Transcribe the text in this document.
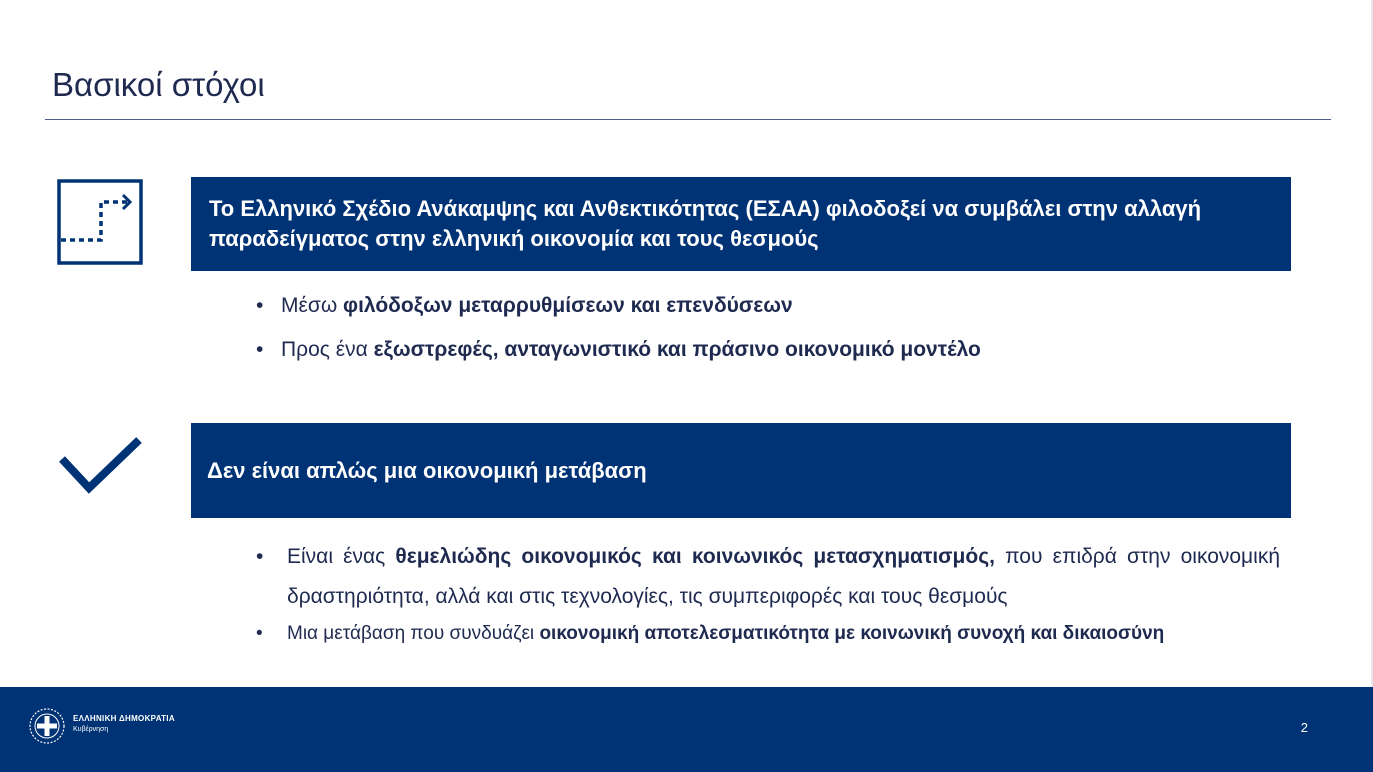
Βασικοί στόχοι
Το Ελληνικό Σχέδιο Ανάκαμψης και Ανθεκτικότητας (ΕΣΑΑ) φιλοδοξεί να συμβάλει στην αλλαγή παραδείγματος στην ελληνική οικονομία και τους θεσμούς
• Μέσω φιλόδοξων μεταρρυθμίσεων και επενδύσεων
• Προς ένα εξωστρεφές, ανταγωνιστικό και πράσινο οικονομικό μοντέλο
Δεν είναι απλώς μια οικονομική μετάβαση
• Είναι ένας θεμελιώδης οικονομικός και κοινωνικός μετασχηματισμός, που επιδρά στην οικονομική δραστηριότητα, αλλά και στις τεχνολογίες, τις συμπεριφορές και τους θεσμούς
• Μια μετάβαση που συνδυάζει οικονομική αποτελεσματικότητα με κοινωνική συνοχή και δικαιοσύνη
ΕΛΛΗΝΙΚΗ ΔΗΜΟΚΡΑΤΙΑ
Κυβέρνηση	2
